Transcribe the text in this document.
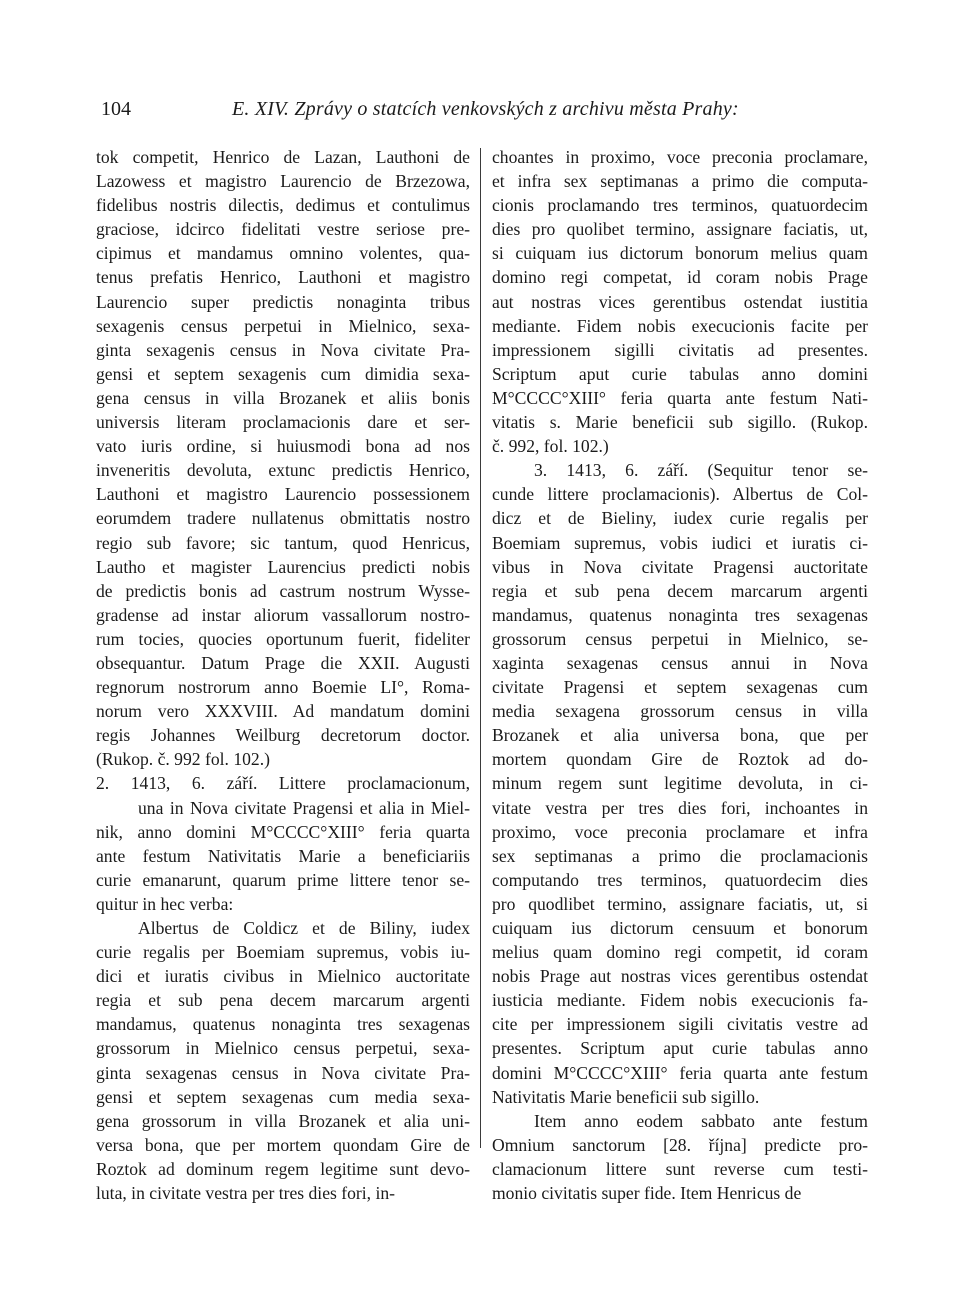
104	E. XIV. Zprávy o statcích venkovských z archivu města Prahy:
tok competit, Henrico de Lazan, Lauthoni de
Lazowess et magistro Laurencio de Brzezowa,
fidelibus nostris dilectis, dedimus et contulimus
graciose, idcirco fidelitati vestre seriose pre-
cipimus et mandamus omnino volentes, qua-
tenus prefatis Henrico, Lauthoni et magistro
Laurencio super predictis nonaginta tribus
sexagenis census perpetui in Mielnico, sexa-
ginta sexagenis census in Nova civitate Pra-
gensi et septem sexagenis cum dimidia sexa-
gena census in villa Brozanek et aliis bonis
universis literam proclamacionis dare et ser-
vato iuris ordine, si huiusmodi bona ad nos
inveneritis devoluta, extunc predictis Henrico,
Lauthoni et magistro Laurencio possessionem
eorumdem tradere nullatenus obmittatis nostro
regio sub favore; sic tantum, quod Henricus,
Lautho et magister Laurencius predicti nobis
de predictis bonis ad castrum nostrum Wysse-
gradense ad instar aliorum vassallorum nostro-
rum tocies, quocies oportunum fuerit, fideliter
obsequantur. Datum Prage die XXII. Augusti
regnorum nostrorum anno Boemie LI°, Roma-
norum vero XXXVIII. Ad mandatum domini
regis Johannes Weilburg decretorum doctor.
(Rukop. č. 992 fol. 102.)
2. 1413, 6. září. Littere proclamacionum,
una in Nova civitate Pragensi et alia in Miel-
nik, anno domini M°CCCC°XIII° feria quarta
ante festum Nativitatis Marie a beneficiariis
curie emanarunt, quarum prime littere tenor se-
quitur in hec verba:
Albertus de Coldicz et de Biliny, iudex
curie regalis per Boemiam supremus, vobis iu-
dici et iuratis civibus in Mielnico auctoritate
regia et sub pena decem marcarum argenti
mandamus, quatenus nonaginta tres sexagenas
grossorum in Mielnico census perpetui, sexa-
ginta sexagenas census in Nova civitate Pra-
gensi et septem sexagenas cum media sexa-
gena grossorum in villa Brozanek et alia uni-
versa bona, que per mortem quondam Gire de
Roztok ad dominum regem legitime sunt devo-
luta, in civitate vestra per tres dies fori, in-
choantes in proximo, voce preconia proclamare,
et infra sex septimanas a primo die computa-
cionis proclamando tres terminos, quatuordecim
dies pro quolibet termino, assignare faciatis, ut,
si cuiquam ius dictorum bonorum melius quam
domino regi competat, id coram nobis Prage
aut nostras vices gerentibus ostendat iustitia
mediante. Fidem nobis execucionis facite per
impressionem sigilli civitatis ad presentes.
Scriptum aput curie tabulas anno domini
M°CCCC°XIII° feria quarta ante festum Nati-
vitatis s. Marie beneficii sub sigillo. (Rukop.
č. 992, fol. 102.)
3. 1413, 6. září. (Sequitur tenor se-
cunde littere proclamacionis). Albertus de Col-
dicz et de Bieliny, iudex curie regalis per
Boemiam supremus, vobis iudici et iuratis ci-
vibus in Nova civitate Pragensi auctoritate
regia et sub pena decem marcarum argenti
mandamus, quatenus nonaginta tres sexagenas
grossorum census perpetui in Mielnico, se-
xaginta sexagenas census annui in Nova
civitate Pragensi et septem sexagenas cum
media sexagena grossorum census in villa
Brozanek et alia universa bona, que per
mortem quondam Gire de Roztok ad do-
minum regem sunt legitime devoluta, in ci-
vitate vestra per tres dies fori, inchoantes in
proximo, voce preconia proclamare et infra
sex septimanas a primo die proclamacionis
computando tres terminos, quatuordecim dies
pro quodlibet termino, assignare faciatis, ut, si
cuiquam ius dictorum censuum et bonorum
melius quam domino regi competit, id coram
nobis Prage aut nostras vices gerentibus ostendat
iusticia mediante. Fidem nobis execucionis fa-
cite per impressionem sigili civitatis vestre ad
presentes. Scriptum aput curie tabulas anno
domini M°CCCC°XIII° feria quarta ante festum
Nativitatis Marie beneficii sub sigillo.
Item anno eodem sabbato ante festum
Omnium sanctorum [28. října] predicte pro-
clamacionum littere sunt reverse cum testi-
monio civitatis super fide. Item Henricus de
